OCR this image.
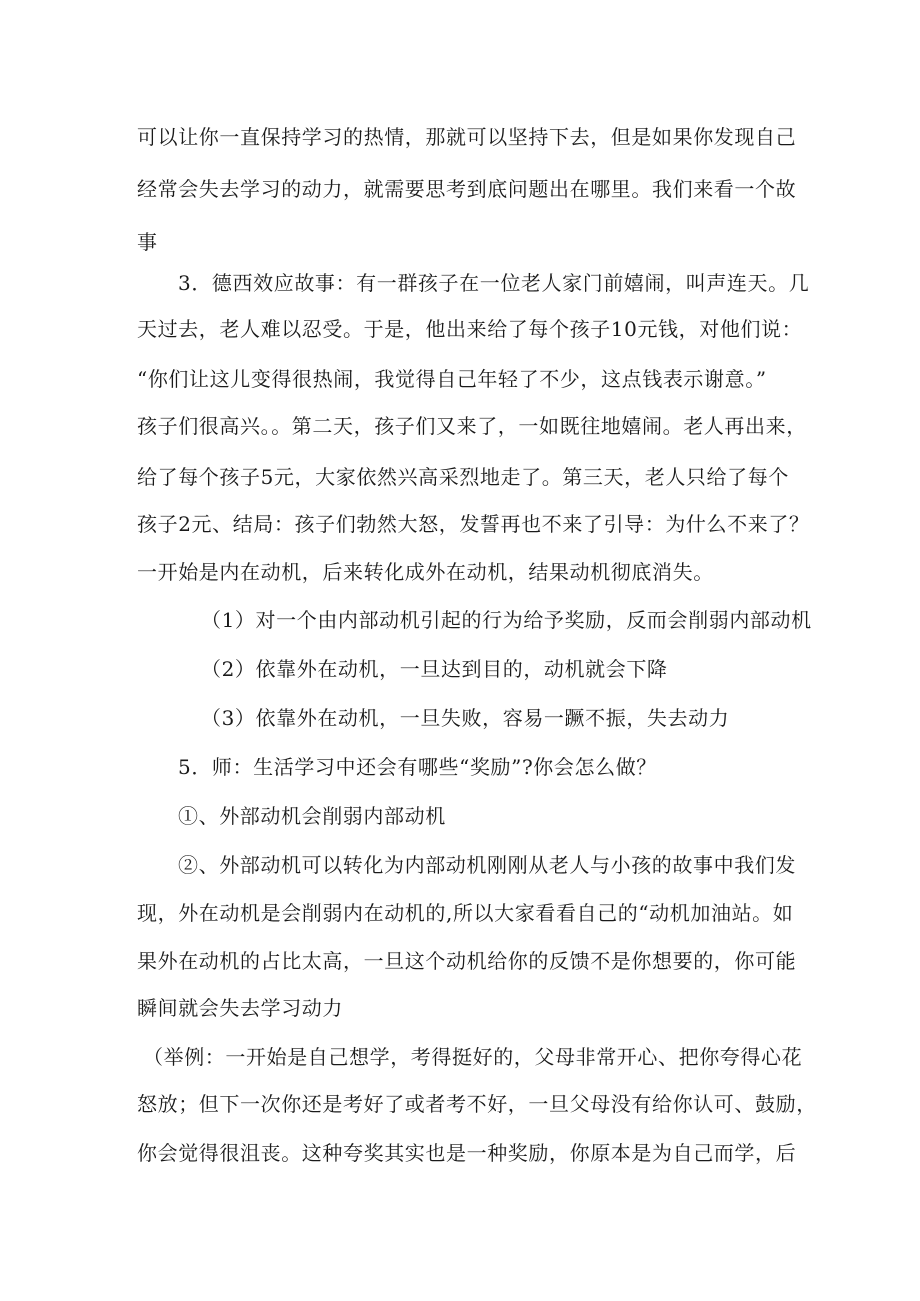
可以让你一直保持学习的热情，那就可以坚持下去，但是如果你发现自己
经常会失去学习的动力，就需要思考到底问题出在哪里。我们来看一个故
事
3．德西效应故事：有一群孩子在一位老人家门前嬉闹，叫声连天。几
天过去，老人难以忍受。于是，他出来给了每个孩子10元钱，对他们说：
“你们让这儿变得很热闹，我觉得自己年轻了不少，这点钱表示谢意。”
孩子们很高兴。。第二天，孩子们又来了，一如既往地嬉闹。老人再出来，
给了每个孩子5元，大家依然兴高采烈地走了。第三天，老人只给了每个
孩子2元、结局：孩子们勃然大怒，发誓再也不来了引导：为什么不来了？
一开始是内在动机，后来转化成外在动机，结果动机彻底消失。
（1）对一个由内部动机引起的行为给予奖励，反而会削弱内部动机
（2）依靠外在动机，一旦达到目的，动机就会下降
（3）依靠外在动机，一旦失败，容易一蹶不振，失去动力
5．师：生活学习中还会有哪些“奖励”?你会怎么做？
①、外部动机会削弱内部动机
②、外部动机可以转化为内部动机刚刚从老人与小孩的故事中我们发
现，外在动机是会削弱内在动机的,所以大家看看自己的“动机加油站。如
果外在动机的占比太高，一旦这个动机给你的反馈不是你想要的，你可能
瞬间就会失去学习动力
（举例：一开始是自己想学，考得挺好的，父母非常开心、把你夸得心花
怒放；但下一次你还是考好了或者考不好，一旦父母没有给你认可、鼓励，
你会觉得很沮丧。这种夸奖其实也是一种奖励，你原本是为自己而学，后
